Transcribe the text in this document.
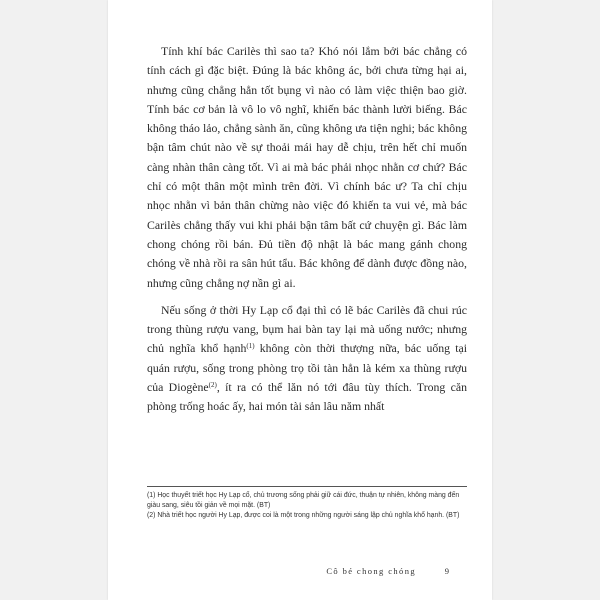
Tính khí bác Carilès thì sao ta? Khó nói lắm bởi bác chẳng có tính cách gì đặc biệt. Đúng là bác không ác, bởi chưa từng hại ai, nhưng cũng chẳng hẳn tốt bụng vì nào có làm việc thiện bao giờ. Tính bác cơ bản là vô lo vô nghĩ, khiến bác thành lười biếng. Bác không tháo lảo, chẳng sành ăn, cũng không ưa tiện nghi; bác không bận tâm chút nào về sự thoải mái hay dễ chịu, trên hết chỉ muốn càng nhàn thân càng tốt. Vì ai mà bác phải nhọc nhằn cơ chứ? Bác chỉ có một thân một mình trên đời. Vì chính bác ư? Ta chỉ chịu nhọc nhằn vì bản thân chừng nào việc đó khiến ta vui vẻ, mà bác Carilès chẳng thấy vui khi phải bận tâm bất cứ chuyện gì. Bác làm chong chóng rồi bán. Đủ tiền độ nhật là bác mang gánh chong chóng về nhà rồi ra sân hút tẩu. Bác không để dành được đồng nào, nhưng cũng chẳng nợ nần gì ai.

Nếu sống ở thời Hy Lạp cổ đại thì có lẽ bác Carilès đã chui rúc trong thùng rượu vang, bụm hai bàn tay lại mà uống nước; nhưng chủ nghĩa khổ hạnh$^{(1)}$ không còn thời thượng nữa, bác uống tại quán rượu, sống trong phòng trọ tồi tàn hẳn là kém xa thùng rượu của Diogène$^{(2)}$, ít ra có thể lăn nó tới đâu tùy thích. Trong căn phòng trống hoác ấy, hai món tài sản lâu năm nhất

(1) Học thuyết triết học Hy Lạp cổ, chủ trương sống phải giữ cái đức, thuận tự nhiên, không màng đến giàu sang, siêu tồi giản về mọi mặt. (BT)
(2) Nhà triết học người Hy Lạp, được coi là một trong những người sáng lập chủ nghĩa khổ hạnh. (BT)
Cô bé chong chóng	9
